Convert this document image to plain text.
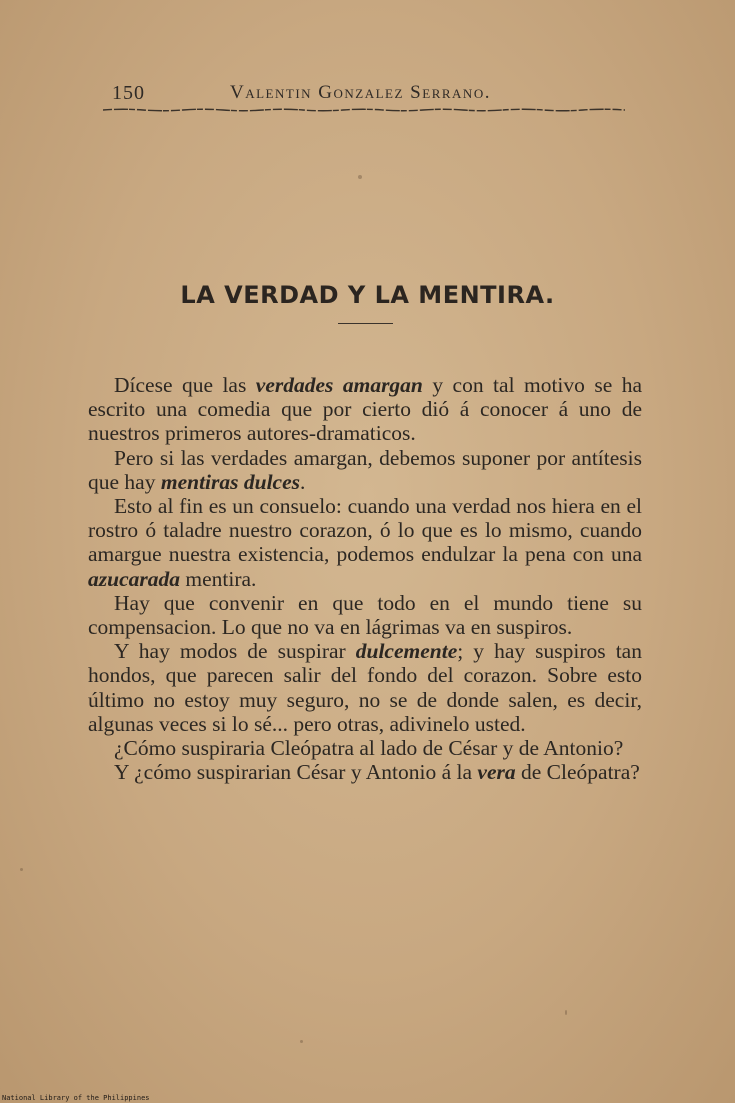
150	Valentin Gonzalez Serrano.
LA VERDAD Y LA MENTIRA.

Dícese que las verdades amargan y con tal motivo se ha escrito una comedia que por cierto dió á conocer á uno de nuestros primeros autores-dramaticos.

Pero si las verdades amargan, debemos suponer por antítesis que hay mentiras dulces.

Esto al fin es un consuelo: cuando una verdad nos hiera en el rostro ó taladre nuestro corazon, ó lo que es lo mismo, cuando amargue nuestra existencia, podemos endulzar la pena con una azucarada mentira.

Hay que convenir en que todo en el mundo tiene su compensacion. Lo que no va en lágrimas va en suspiros.

Y hay modos de suspirar dulcemente; y hay suspiros tan hondos, que parecen salir del fondo del corazon. Sobre esto último no estoy muy seguro, no se de donde salen, es decir, algunas veces si lo sé... pero otras, adivinelo usted.

¿Cómo suspiraria Cleópatra al lado de César y de Antonio?

Y ¿cómo suspirarian César y Antonio á la vera de Cleópatra?

National Library of the Philippines
